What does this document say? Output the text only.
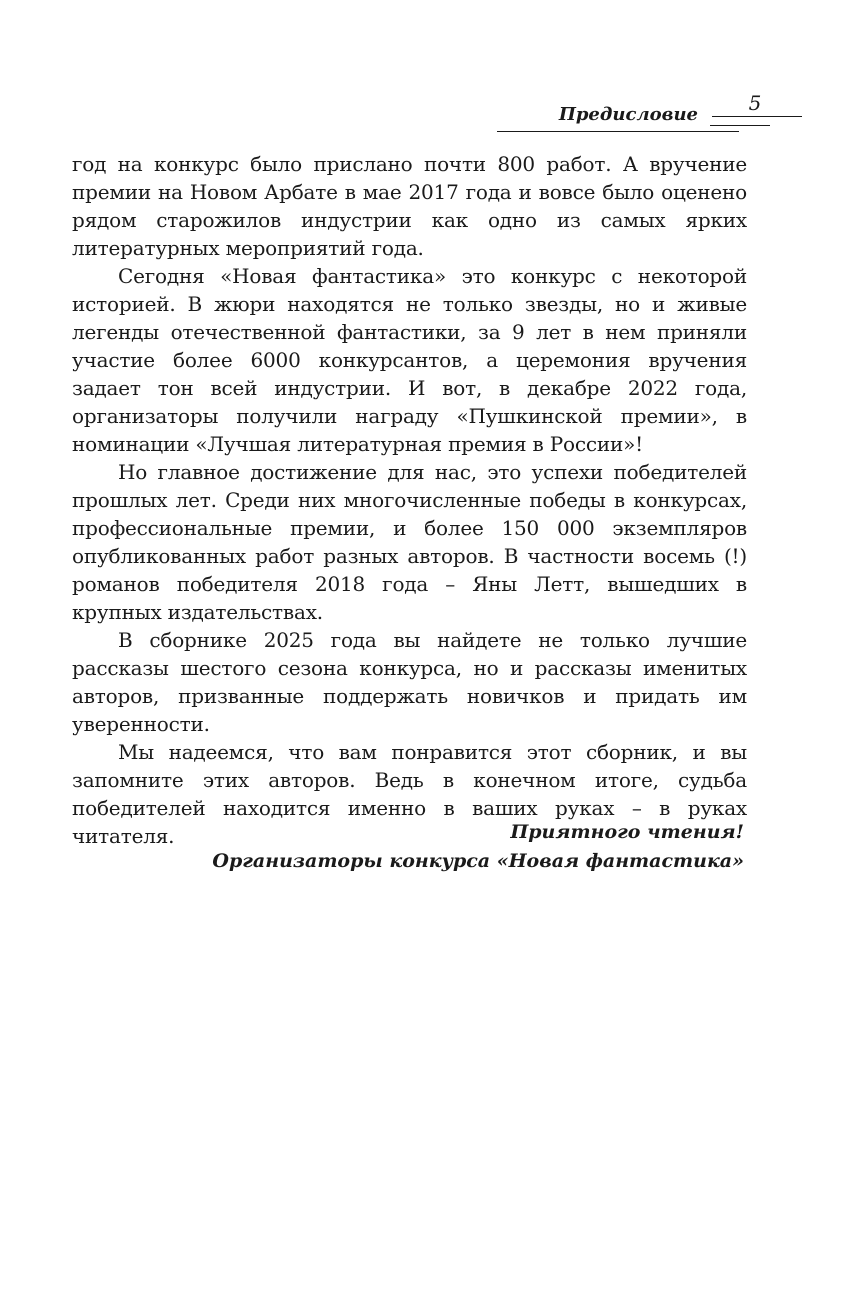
Предисловие	5

год на конкурс было прислано почти 800 работ. А вручение премии на Новом Арбате в мае 2017 года и вовсе было оценено рядом старожилов индустрии как одно из самых ярких литературных мероприятий года.

Сегодня «Новая фантастика» это конкурс с некоторой историей. В жюри находятся не только звезды, но и живые легенды отечественной фантастики, за 9 лет в нем приняли участие более 6000 конкурсантов, а церемония вручения задает тон всей индустрии. И вот, в декабре 2022 года, организаторы получили награду «Пушкинской премии», в номинации «Лучшая литературная премия в России»!

Но главное достижение для нас, это успехи победителей прошлых лет. Среди них многочисленные победы в конкурсах, профессиональные премии, и более 150 000 экземпляров опубликованных работ разных авторов. В частности восемь (!) романов победителя 2018 года – Яны Летт, вышедших в крупных издательствах.

В сборнике 2025 года вы найдете не только лучшие рассказы шестого сезона конкурса, но и рассказы именитых авторов, призванные поддержать новичков и придать им уверенности.

Мы надеемся, что вам понравится этот сборник, и вы запомните этих авторов. Ведь в конечном итоге, судьба победителей находится именно в ваших руках – в руках читателя.	Приятного чтения!
Организаторы конкурса «Новая фантастика»
